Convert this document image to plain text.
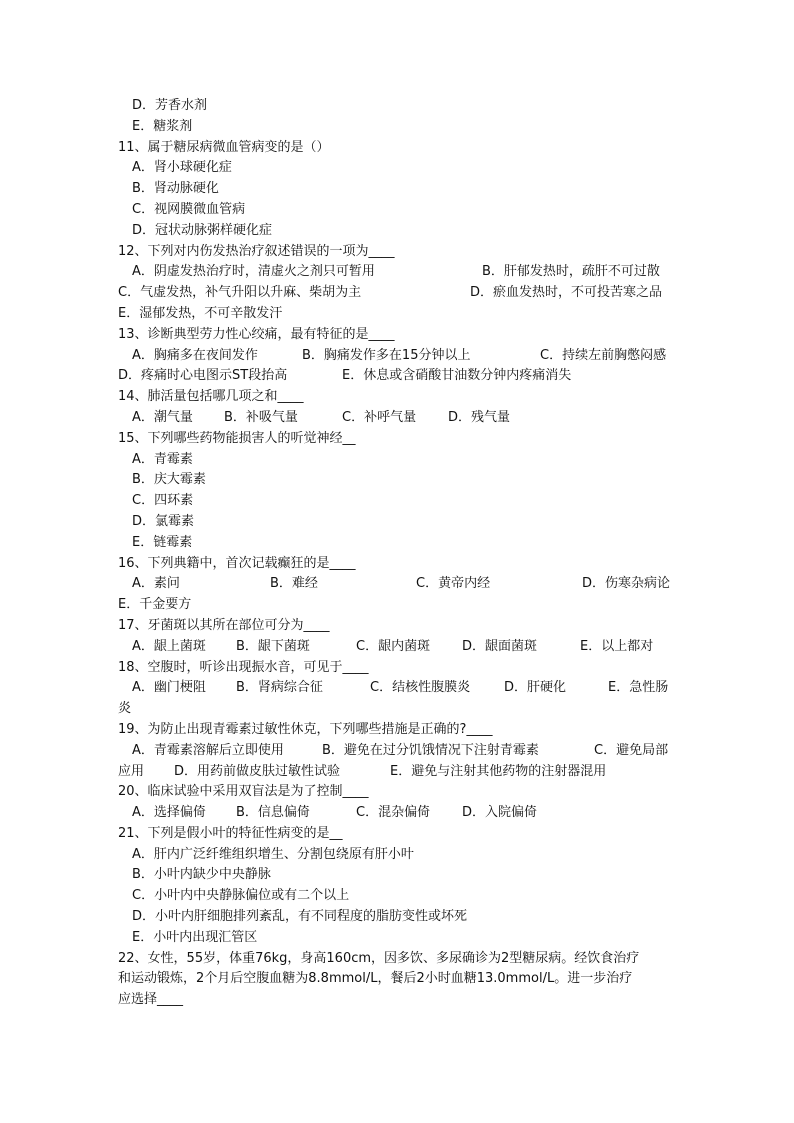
D．芳香水剂
E．糖浆剂
11、属于糖尿病微血管病变的是（）
A．肾小球硬化症
B．肾动脉硬化
C．视网膜微血管病
D．冠状动脉粥样硬化症
12、下列对内伤发热治疗叙述错误的一项为____
A．阴虚发热治疗时，清虚火之剂只可暂用	B．肝郁发热时，疏肝不可过散
C．气虚发热，补气升阳以升麻、柴胡为主	D．瘀血发热时，不可投苦寒之品
E．湿郁发热，不可辛散发汗
13、诊断典型劳力性心绞痛，最有特征的是____
A．胸痛多在夜间发作	B．胸痛发作多在15分钟以上	C．持续左前胸憋闷感
D．疼痛时心电图示ST段抬高	E．休息或含硝酸甘油数分钟内疼痛消失
14、肺活量包括哪几项之和____
A．潮气量 B．补吸气量	C．补呼气量 D．残气量
15、下列哪些药物能损害人的听觉神经__
A．青霉素
B．庆大霉素
C．四环素
D．氯霉素
E．链霉素
16、下列典籍中，首次记载癫狂的是____
A．素问	B．难经	C．黄帝内经	D．伤寒杂病论
E．千金要方
17、牙菌斑以其所在部位可分为____
A．龈上菌斑 B．龈下菌斑	C．龈内菌斑 D．龈面菌斑	E．以上都对
18、空腹时，听诊出现振水音，可见于____
A．幽门梗阻 B．肾病综合征	C．结核性腹膜炎	D．肝硬化	E．急性肠
炎
19、为防止出现青霉素过敏性休克，下列哪些措施是正确的?____
A．青霉素溶解后立即使用	B．避免在过分饥饿情况下注射青霉素	C．避免局部
应用 D．用药前做皮肤过敏性试验	E．避免与注射其他药物的注射器混用
20、临床试验中采用双盲法是为了控制____
A．选择偏倚 B．信息偏倚	C．混杂偏倚 D．入院偏倚
21、下列是假小叶的特征性病变的是__
A．肝内广泛纤维组织增生、分割包绕原有肝小叶
B．小叶内缺少中央静脉
C．小叶内中央静脉偏位或有二个以上
D．小叶内肝细胞排列紊乱，有不同程度的脂肪变性或坏死
E．小叶内出现汇管区
22、女性，55岁，体重76kg，身高160cm，因多饮、多尿确诊为2型糖尿病。经饮食治疗
和运动锻炼，2个月后空腹血糖为8.8mmol/L，餐后2小时血糖13.0mmol/L。进一步治疗
应选择____
